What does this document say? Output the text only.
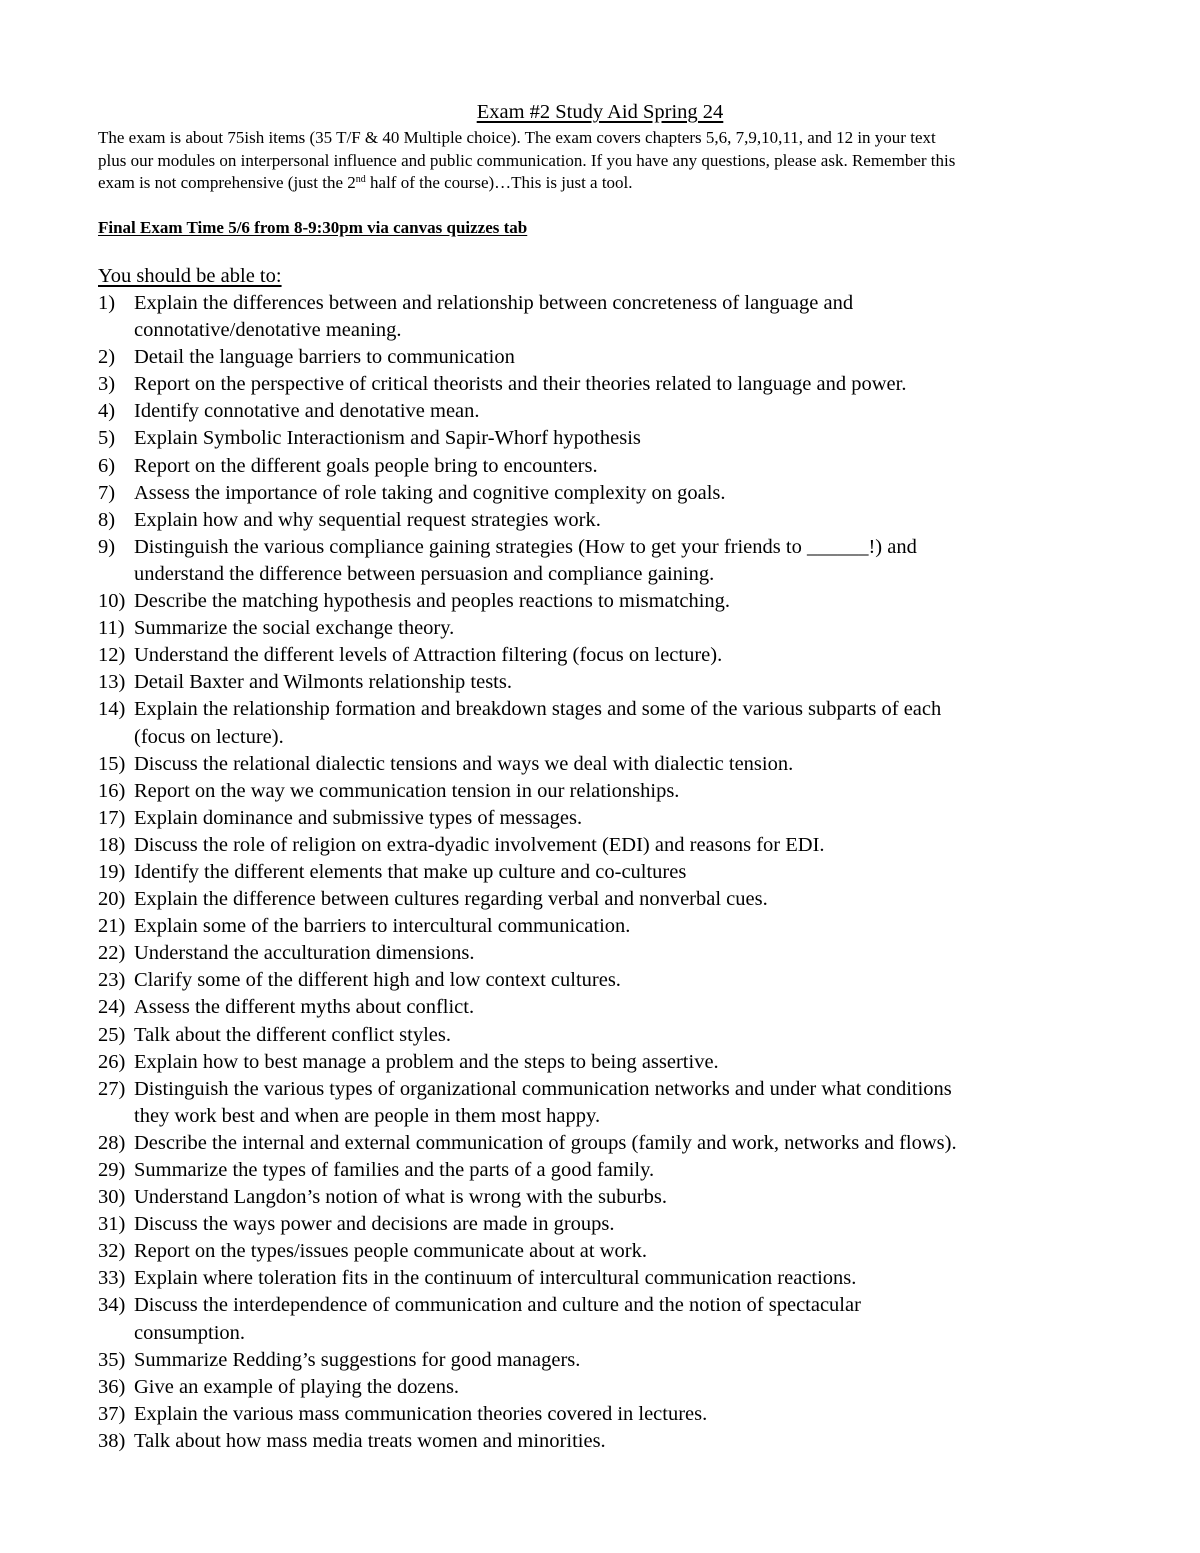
Exam #2 Study Aid Spring 24
The exam is about 75ish items (35 T/F & 40 Multiple choice). The exam covers chapters 5,6, 7,9,10,11, and 12 in your text
plus our modules on interpersonal influence and public communication. If you have any questions, please ask. Remember this
exam is not comprehensive (just the 2nd half of the course)…This is just a tool.
Final Exam Time 5/6 from 8-9:30pm via canvas quizzes tab
You should be able to:
1) Explain the differences between and relationship between concreteness of language and
connotative/denotative meaning.
2) Detail the language barriers to communication
3) Report on the perspective of critical theorists and their theories related to language and power.
4) Identify connotative and denotative mean.
5) Explain Symbolic Interactionism and Sapir-Whorf hypothesis
6) Report on the different goals people bring to encounters.
7) Assess the importance of role taking and cognitive complexity on goals.
8) Explain how and why sequential request strategies work.
9) Distinguish the various compliance gaining strategies (How to get your friends to ______!) and
understand the difference between persuasion and compliance gaining.
10) Describe the matching hypothesis and peoples reactions to mismatching.
11) Summarize the social exchange theory.
12) Understand the different levels of Attraction filtering (focus on lecture).
13) Detail Baxter and Wilmonts relationship tests.
14) Explain the relationship formation and breakdown stages and some of the various subparts of each
(focus on lecture).
15) Discuss the relational dialectic tensions and ways we deal with dialectic tension.
16) Report on the way we communication tension in our relationships.
17) Explain dominance and submissive types of messages.
18) Discuss the role of religion on extra-dyadic involvement (EDI) and reasons for EDI.
19) Identify the different elements that make up culture and co-cultures
20) Explain the difference between cultures regarding verbal and nonverbal cues.
21) Explain some of the barriers to intercultural communication.
22) Understand the acculturation dimensions.
23) Clarify some of the different high and low context cultures.
24) Assess the different myths about conflict.
25) Talk about the different conflict styles.
26) Explain how to best manage a problem and the steps to being assertive.
27) Distinguish the various types of organizational communication networks and under what conditions
they work best and when are people in them most happy.
28) Describe the internal and external communication of groups (family and work, networks and flows).
29) Summarize the types of families and the parts of a good family.
30) Understand Langdon’s notion of what is wrong with the suburbs.
31) Discuss the ways power and decisions are made in groups.
32) Report on the types/issues people communicate about at work.
33) Explain where toleration fits in the continuum of intercultural communication reactions.
34) Discuss the interdependence of communication and culture and the notion of spectacular
consumption.
35) Summarize Redding’s suggestions for good managers.
36) Give an example of playing the dozens.
37) Explain the various mass communication theories covered in lectures.
38) Talk about how mass media treats women and minorities.
